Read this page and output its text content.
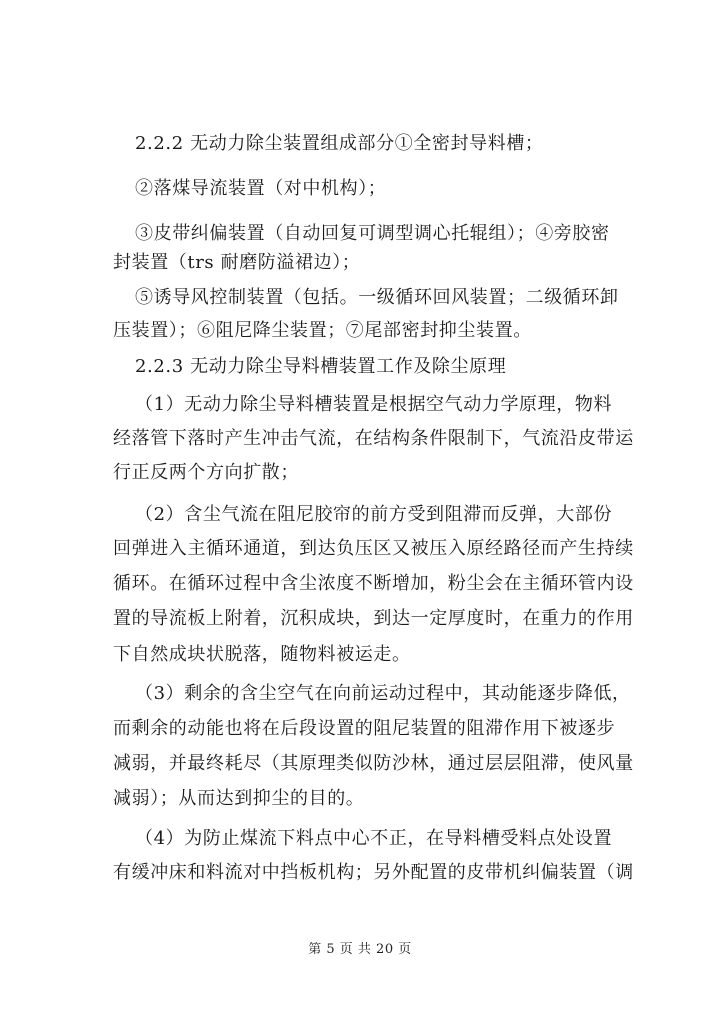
2.2.2 无动力除尘装置组成部分①全密封导料槽；
②落煤导流装置（对中机构）；
③皮带纠偏装置（自动回复可调型调心托辊组）；④旁胶密
封装置（trs 耐磨防溢裙边）；
⑤诱导风控制装置（包括。一级循环回风装置；二级循环卸
压装置）；⑥阻尼降尘装置；⑦尾部密封抑尘装置。
2.2.3 无动力除尘导料槽装置工作及除尘原理
（1）无动力除尘导料槽装置是根据空气动力学原理，物料
经落管下落时产生冲击气流，在结构条件限制下，气流沿皮带运
行正反两个方向扩散；
（2）含尘气流在阻尼胶帘的前方受到阻滞而反弹，大部份
回弹进入主循环通道，到达负压区又被压入原经路径而产生持续
循环。在循环过程中含尘浓度不断增加，粉尘会在主循环管内设
置的导流板上附着，沉积成块，到达一定厚度时，在重力的作用
下自然成块状脱落，随物料被运走。
（3）剩余的含尘空气在向前运动过程中，其动能逐步降低，
而剩余的动能也将在后段设置的阻尼装置的阻滞作用下被逐步
减弱，并最终耗尽（其原理类似防沙林，通过层层阻滞，使风量
减弱）；从而达到抑尘的目的。
（4）为防止煤流下料点中心不正，在导料槽受料点处设置
有缓冲床和料流对中挡板机构；另外配置的皮带机纠偏装置（调
第 5 页 共 20 页
